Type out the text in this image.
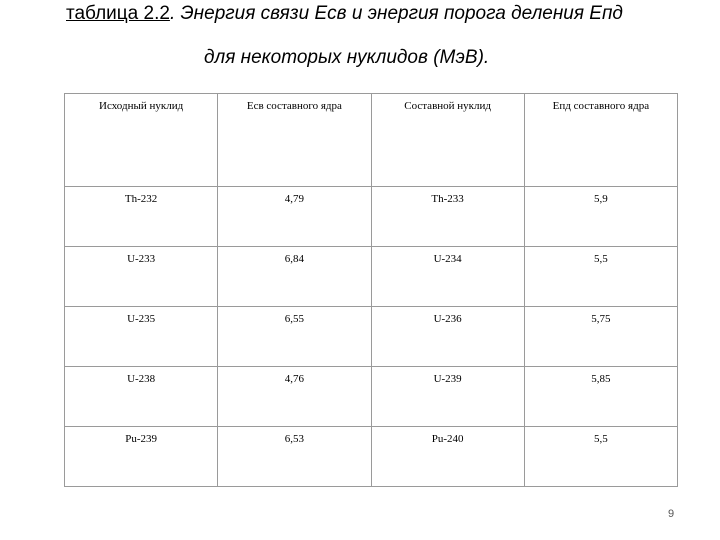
таблица 2.2. Энергия связи Eсв и энергия порога деления Eпд
для некоторых нуклидов (МэВ).
Исходный нуклид	Eсв составного ядра	Составной нуклид	Eпд составного ядра
Th-232	4,79	Th-233	5,9
U-233	6,84	U-234	5,5
U-235	6,55	U-236	5,75
U-238	4,76	U-239	5,85
Pu-239	6,53	Pu-240	5,5
9
